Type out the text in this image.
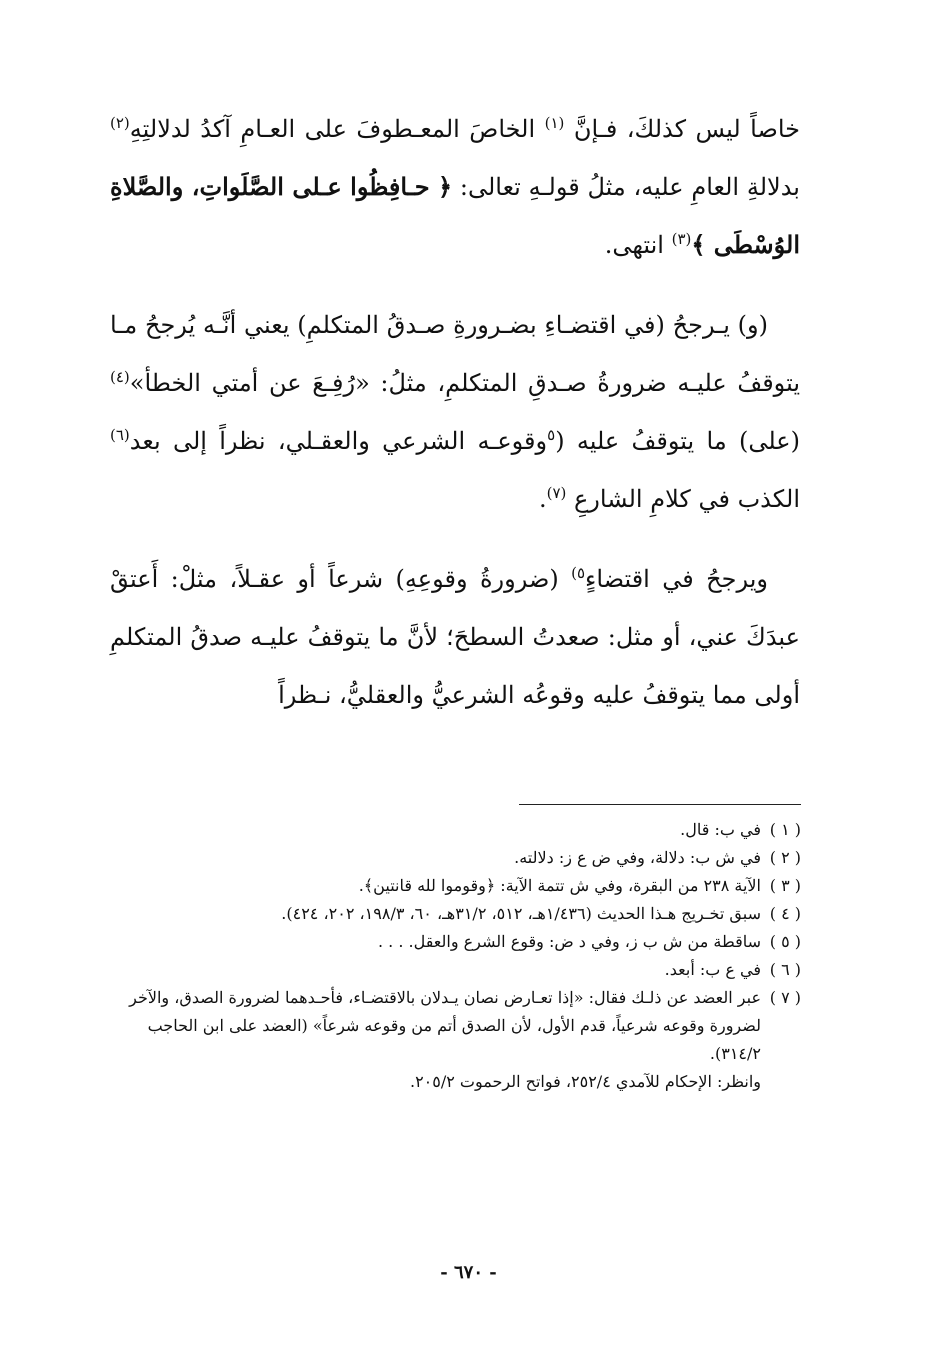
خاصاً ليس كذلكَ، فـإنَّ $^{(١)}$ الخاصَ المعـطوفَ على العـامِ آكدُ لدلالتِهِ$^{(٢)}$ بدلالةِ العامِ عليه، مثلُ قولـهِ تعالى: ﴿ حـافِظُوا عـلى الصَّلَواتِ، والصَّلاةِ الوُسْطَى ﴾$^{(٣)}$ انتهى.

(و) يـرجحُ (في اقتضـاءِ بضـرورةِ صـدقُ المتكلمِ) يعني أنَّـه يُرجحُ مـا يتوقفُ عليـه ضرورةُ صـدقِ المتكلمِ، مثلُ: «رُفِـعَ عن أمتي الخطأ»$^{(٤)}$ (على) ما يتوقفُ عليه ($^٥$وقوعـه الشرعي والعقـلي، نظراً إلى بعد$^{(٦)}$ الكذب في كلامِ الشارعِ $^{(٧)}$.

ويرجحُ في اقتضاءٍ$^{٥)}$ (ضرورةُ وقوعِهِ) شرعاً أو عقـلاً، مثلْ: أَعتقْ عبدَكَ عني، أو مثل: صعدتُ السطحَ؛ لأنَّ ما يتوقفُ عليـه صدقُ المتكلمِ أولى مما يتوقفُ عليه وقوعُه الشرعيُّ والعقليُّ، نـظراً

( ١ )
في ب: قال.
( ٢ )
في ش ب: دلالة، وفي ض ع ز: دلالته.
( ٣ )
الآية ٢٣٨ من البقرة، وفي ش تتمة الآية: ﴿وقوموا لله قانتين﴾.
( ٤ )
سبق تخـريج هـذا الحديث (١/٤٣٦هـ، ٥١٢، ٣١/٢هـ، ٦٠، ١٩٨/٣، ٢٠٢، ٤٢٤).
( ٥ )
ساقطة من ش ب ز، وفي د ض: وقوع الشرع والعقل. . . .
( ٦ )
في ع ب: أبعد.
( ٧ )
عبر العضد عن ذلـك فقال: «إذا تعـارض نصان يـدلان بالاقتضـاء، فأحـدهما لضرورة الصدق، والآخر لضرورة وقوعه شرعياً، قدم الأول، لأن الصدق أتم من وقوعه شرعاً» (العضد على ابن الحاجب ٣١٤/٢).
وانظر: الإحكام للآمدي ٢٥٢/٤، فواتح الرحموت ٢٠٥/٢.
- ٦٧٠ -
